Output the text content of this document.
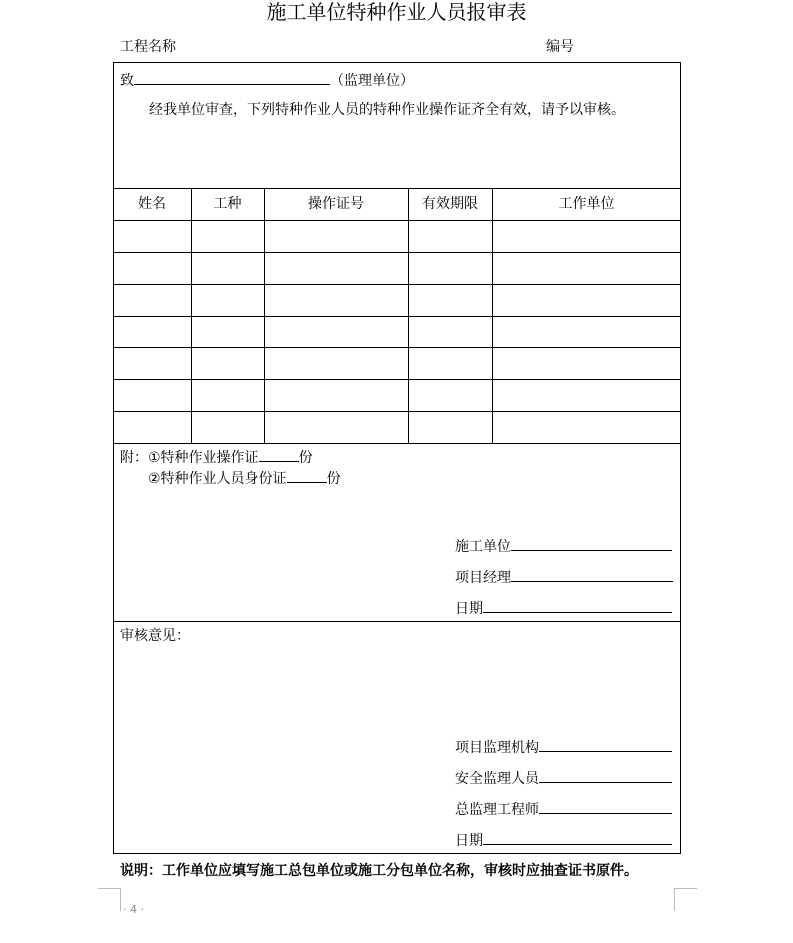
施工单位特种作业人员报审表
工程名称	编号
致	（监理单位）
经我单位审查，下列特种作业人员的特种作业操作证齐全有效，请予以审核。
姓名	工种	操作证号	有效期限	工作单位
附：①特种作业操作证	份
②特种作业人员身份证	份
施工单位
项目经理
日期
审核意见：
项目监理机构
安全监理人员
总监理工程师
日期
说明：工作单位应填写施工总包单位或施工分包单位名称，审核时应抽查证书原件。
· 4 ·
